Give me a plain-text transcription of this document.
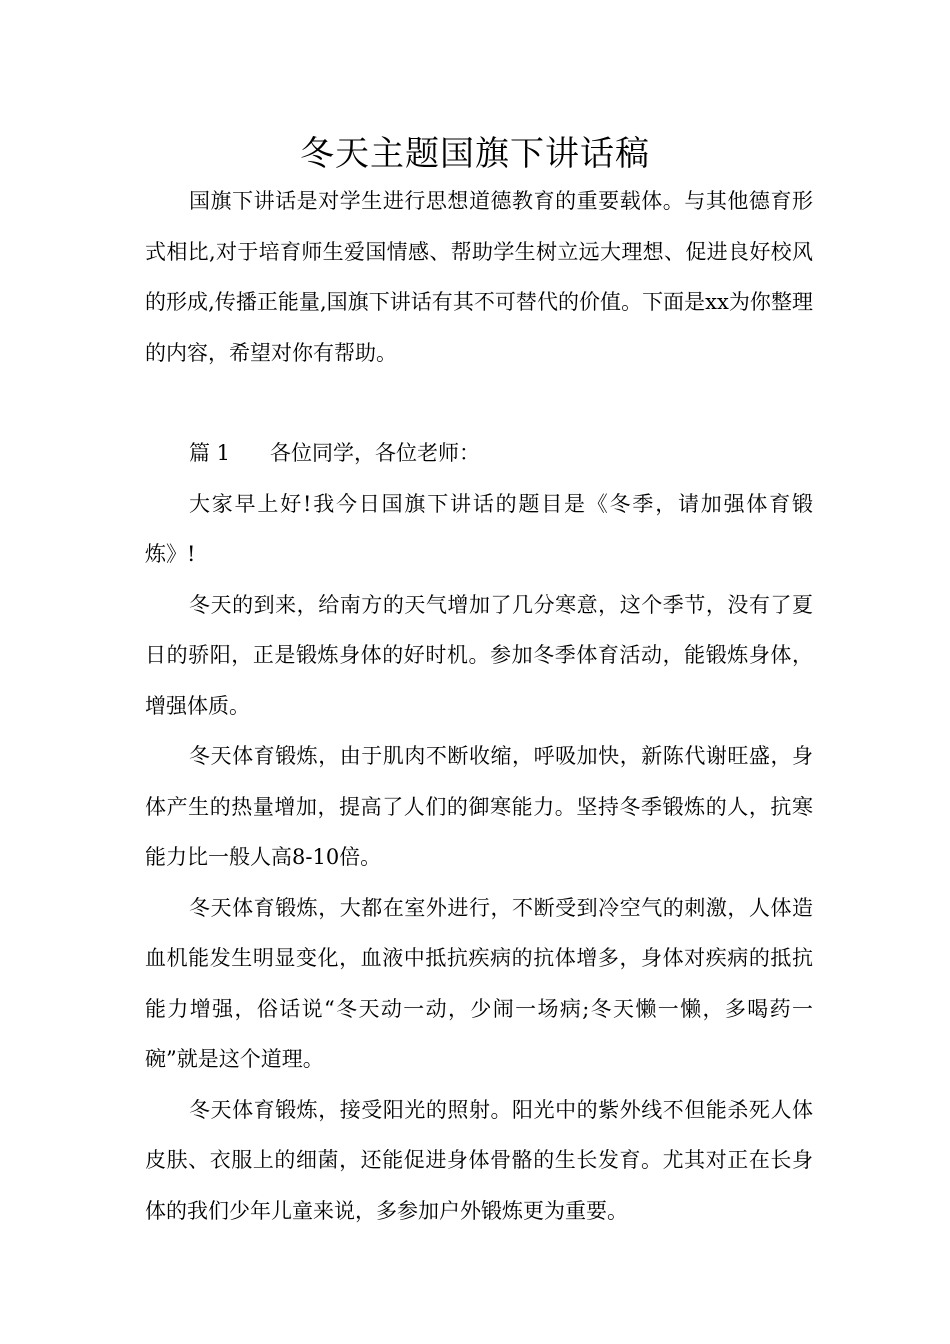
冬天主题国旗下讲话稿

国旗下讲话是对学生进行思想道德教育的重要载体。与其他德育形式相比,对于培育师生爱国情感、帮助学生树立远大理想、促进良好校风的形成,传播正能量,国旗下讲话有其不可替代的价值。下面是xx为你整理的内容，希望对你有帮助。

篇 1 各位同学，各位老师：

大家早上好!我今日国旗下讲话的题目是《冬季，请加强体育锻炼》!

冬天的到来，给南方的天气增加了几分寒意，这个季节，没有了夏日的骄阳，正是锻炼身体的好时机。参加冬季体育活动，能锻炼身体，增强体质。

冬天体育锻炼，由于肌肉不断收缩，呼吸加快，新陈代谢旺盛，身体产生的热量增加，提高了人们的御寒能力。坚持冬季锻炼的人，抗寒能力比一般人高8-10倍。

冬天体育锻炼，大都在室外进行，不断受到冷空气的刺激，人体造血机能发生明显变化，血液中抵抗疾病的抗体增多，身体对疾病的抵抗能力增强，俗话说“冬天动一动，少闹一场病;冬天懒一懒，多喝药一碗”就是这个道理。

冬天体育锻炼，接受阳光的照射。阳光中的紫外线不但能杀死人体皮肤、衣服上的细菌，还能促进身体骨骼的生长发育。尤其对正在长身体的我们少年儿童来说，多参加户外锻炼更为重要。
